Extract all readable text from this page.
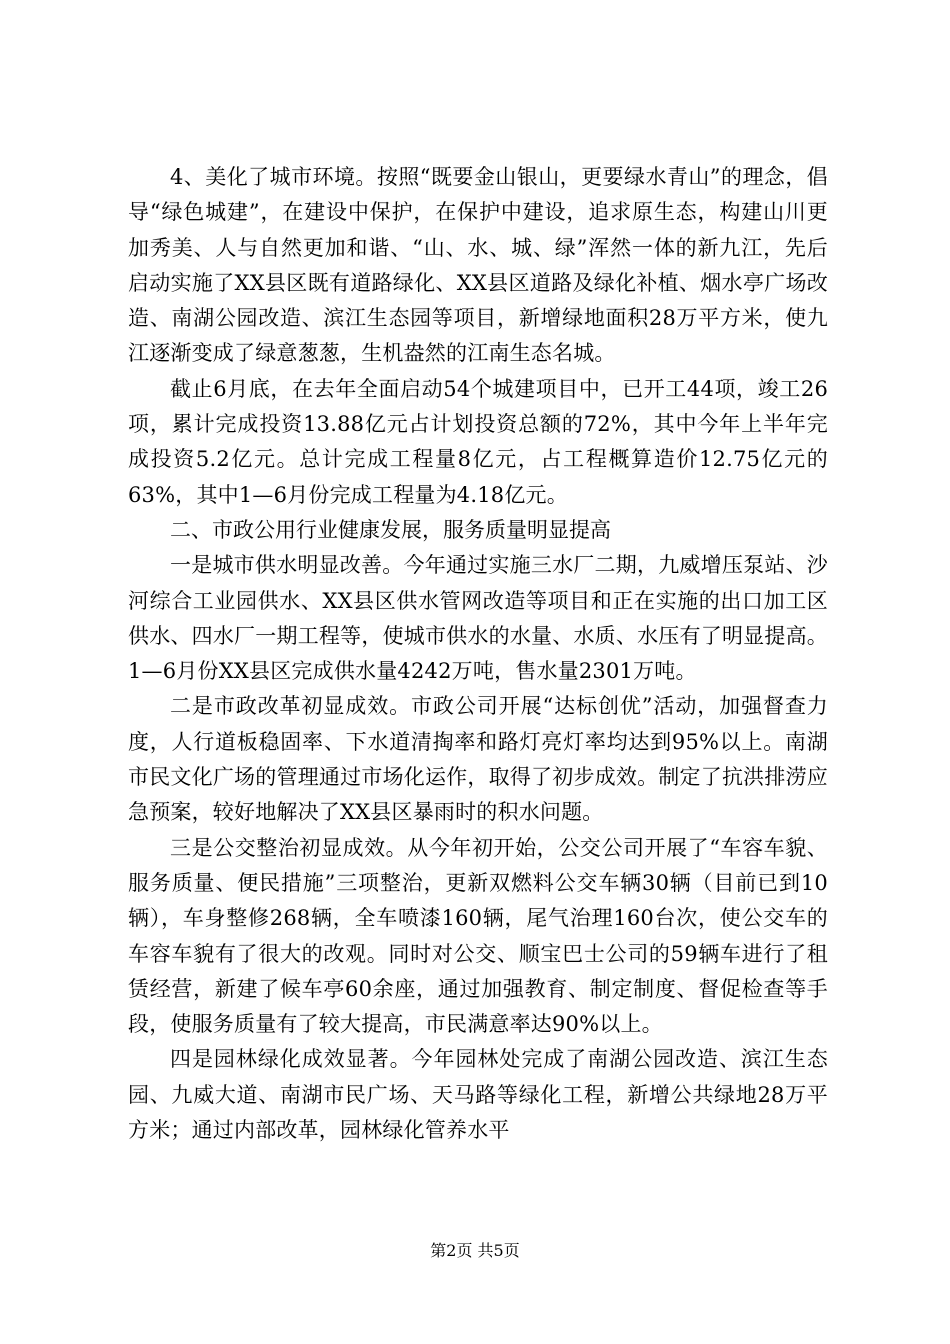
4、美化了城市环境。按照“既要金山银山，更要绿水青山”的理念，倡导“绿色城建”，在建设中保护，在保护中建设，追求原生态，构建山川更加秀美、人与自然更加和谐、“山、水、城、绿”浑然一体的新九江，先后启动实施了XX县区既有道路绿化、XX县区道路及绿化补植、烟水亭广场改造、南湖公园改造、滨江生态园等项目，新增绿地面积28万平方米，使九江逐渐变成了绿意葱葱，生机盎然的江南生态名城。

截止6月底，在去年全面启动54个城建项目中，已开工44项，竣工26项，累计完成投资13.88亿元占计划投资总额的72%，其中今年上半年完成投资5.2亿元。总计完成工程量8亿元，占工程概算造价12.75亿元的63%，其中1—6月份完成工程量为4.18亿元。

二、市政公用行业健康发展，服务质量明显提高

一是城市供水明显改善。今年通过实施三水厂二期，九威增压泵站、沙河综合工业园供水、XX县区供水管网改造等项目和正在实施的出口加工区供水、四水厂一期工程等，使城市供水的水量、水质、水压有了明显提高。1—6月份XX县区完成供水量4242万吨，售水量2301万吨。

二是市政改革初显成效。市政公司开展“达标创优”活动，加强督查力度，人行道板稳固率、下水道清掏率和路灯亮灯率均达到95%以上。南湖市民文化广场的管理通过市场化运作，取得了初步成效。制定了抗洪排涝应急预案，较好地解决了XX县区暴雨时的积水问题。

三是公交整治初显成效。从今年初开始，公交公司开展了“车容车貌、服务质量、便民措施”三项整治，更新双燃料公交车辆30辆（目前已到10辆），车身整修268辆，全车喷漆160辆，尾气治理160台次，使公交车的车容车貌有了很大的改观。同时对公交、顺宝巴士公司的59辆车进行了租赁经营，新建了候车亭60余座，通过加强教育、制定制度、督促检查等手段，使服务质量有了较大提高，市民满意率达90%以上。

四是园林绿化成效显著。今年园林处完成了南湖公园改造、滨江生态园、九威大道、南湖市民广场、天马路等绿化工程，新增公共绿地28万平方米；通过内部改革，园林绿化管养水平

第2页 共5页
